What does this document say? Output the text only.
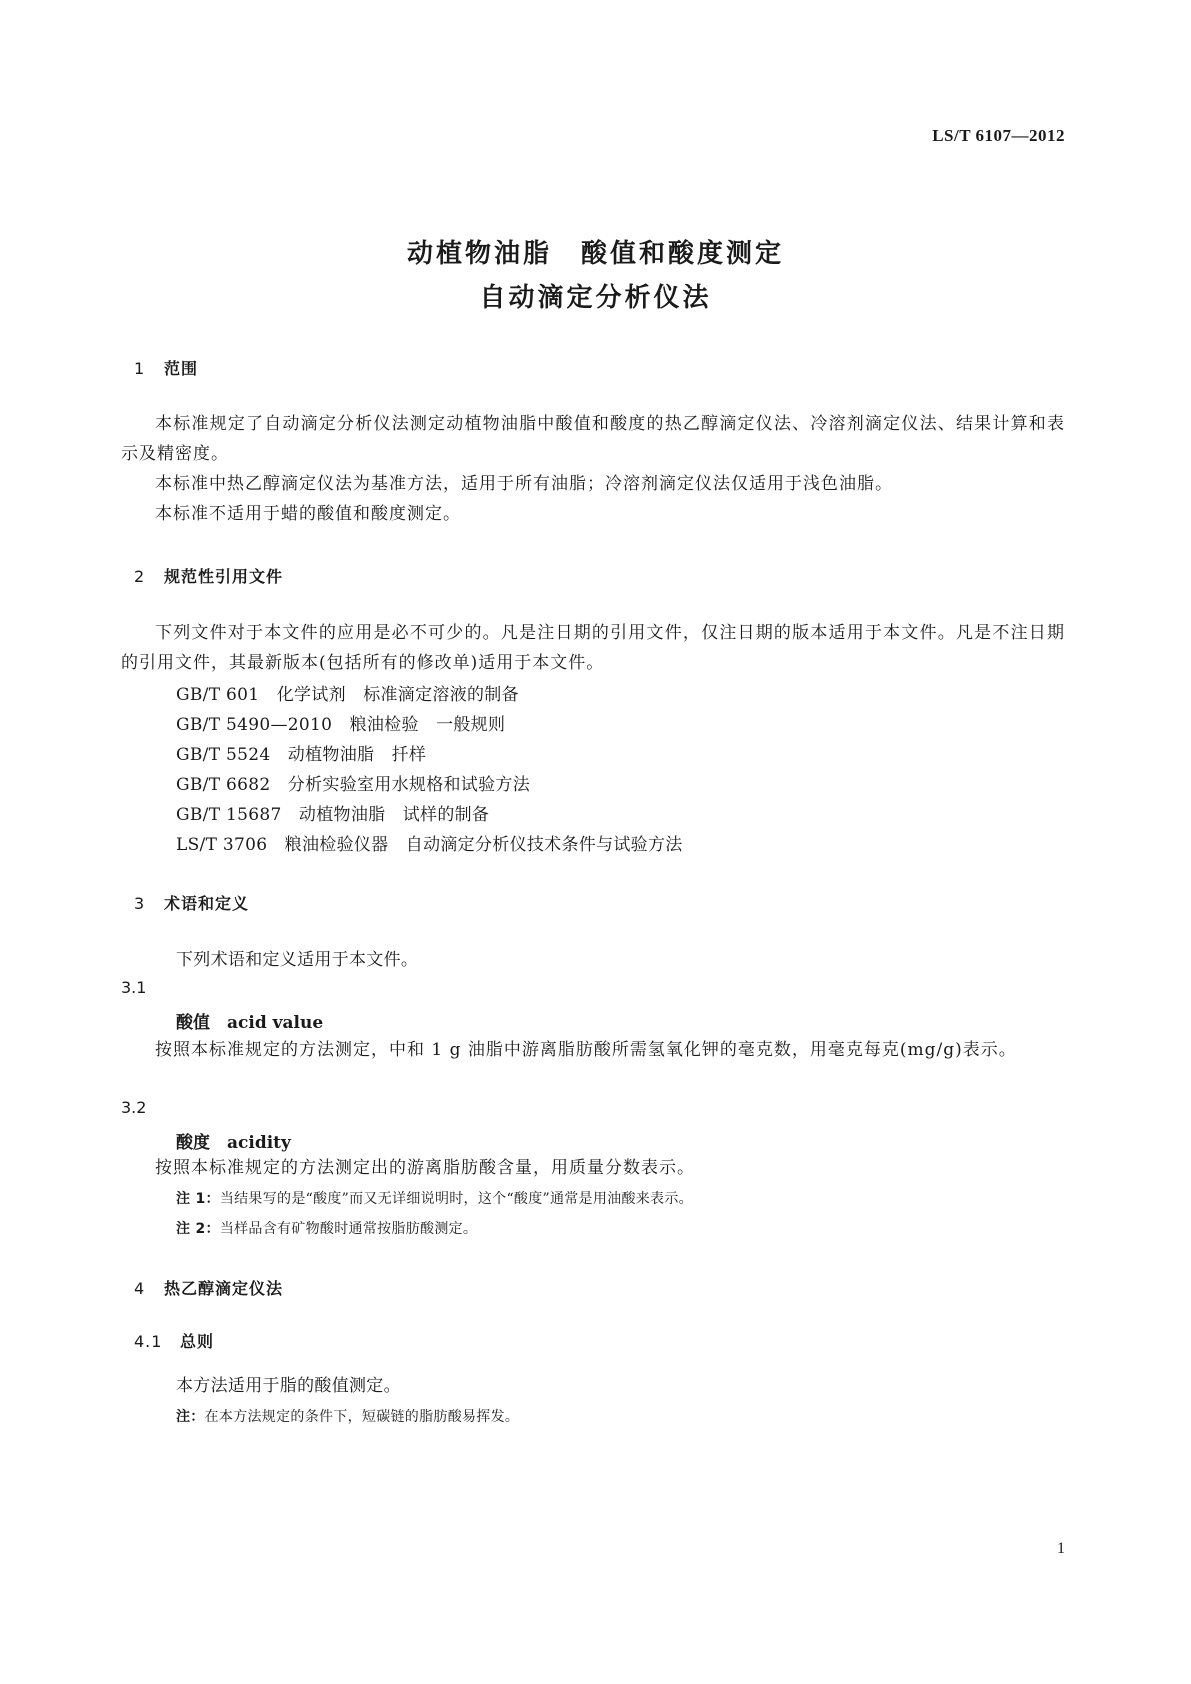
LS/T 6107—2012
动植物油脂　酸值和酸度测定
自动滴定分析仪法
1 范围
本标准规定了自动滴定分析仪法测定动植物油脂中酸值和酸度的热乙醇滴定仪法、冷溶剂滴定仪法、结果计算和表示及精密度。
本标准中热乙醇滴定仪法为基准方法，适用于所有油脂；冷溶剂滴定仪法仅适用于浅色油脂。
本标准不适用于蜡的酸值和酸度测定。
2 规范性引用文件
下列文件对于本文件的应用是必不可少的。凡是注日期的引用文件，仅注日期的版本适用于本文件。凡是不注日期的引用文件，其最新版本(包括所有的修改单)适用于本文件。
GB/T 601　化学试剂　标准滴定溶液的制备
GB/T 5490—2010　粮油检验　一般规则
GB/T 5524　动植物油脂　扦样
GB/T 6682　分析实验室用水规格和试验方法
GB/T 15687　动植物油脂　试样的制备
LS/T 3706　粮油检验仪器　自动滴定分析仪技术条件与试验方法
3 术语和定义
下列术语和定义适用于本文件。
3.1
酸值　acid value
按照本标准规定的方法测定，中和 1 g 油脂中游离脂肪酸所需氢氧化钾的毫克数，用毫克每克(mg/g)表示。
3.2
酸度　acidity
按照本标准规定的方法测定出的游离脂肪酸含量，用质量分数表示。
注 1：当结果写的是“酸度”而又无详细说明时，这个“酸度”通常是用油酸来表示。
注 2：当样品含有矿物酸时通常按脂肪酸测定。
4 热乙醇滴定仪法
4.1 总则
本方法适用于脂的酸值测定。
注：在本方法规定的条件下，短碳链的脂肪酸易挥发。
1
